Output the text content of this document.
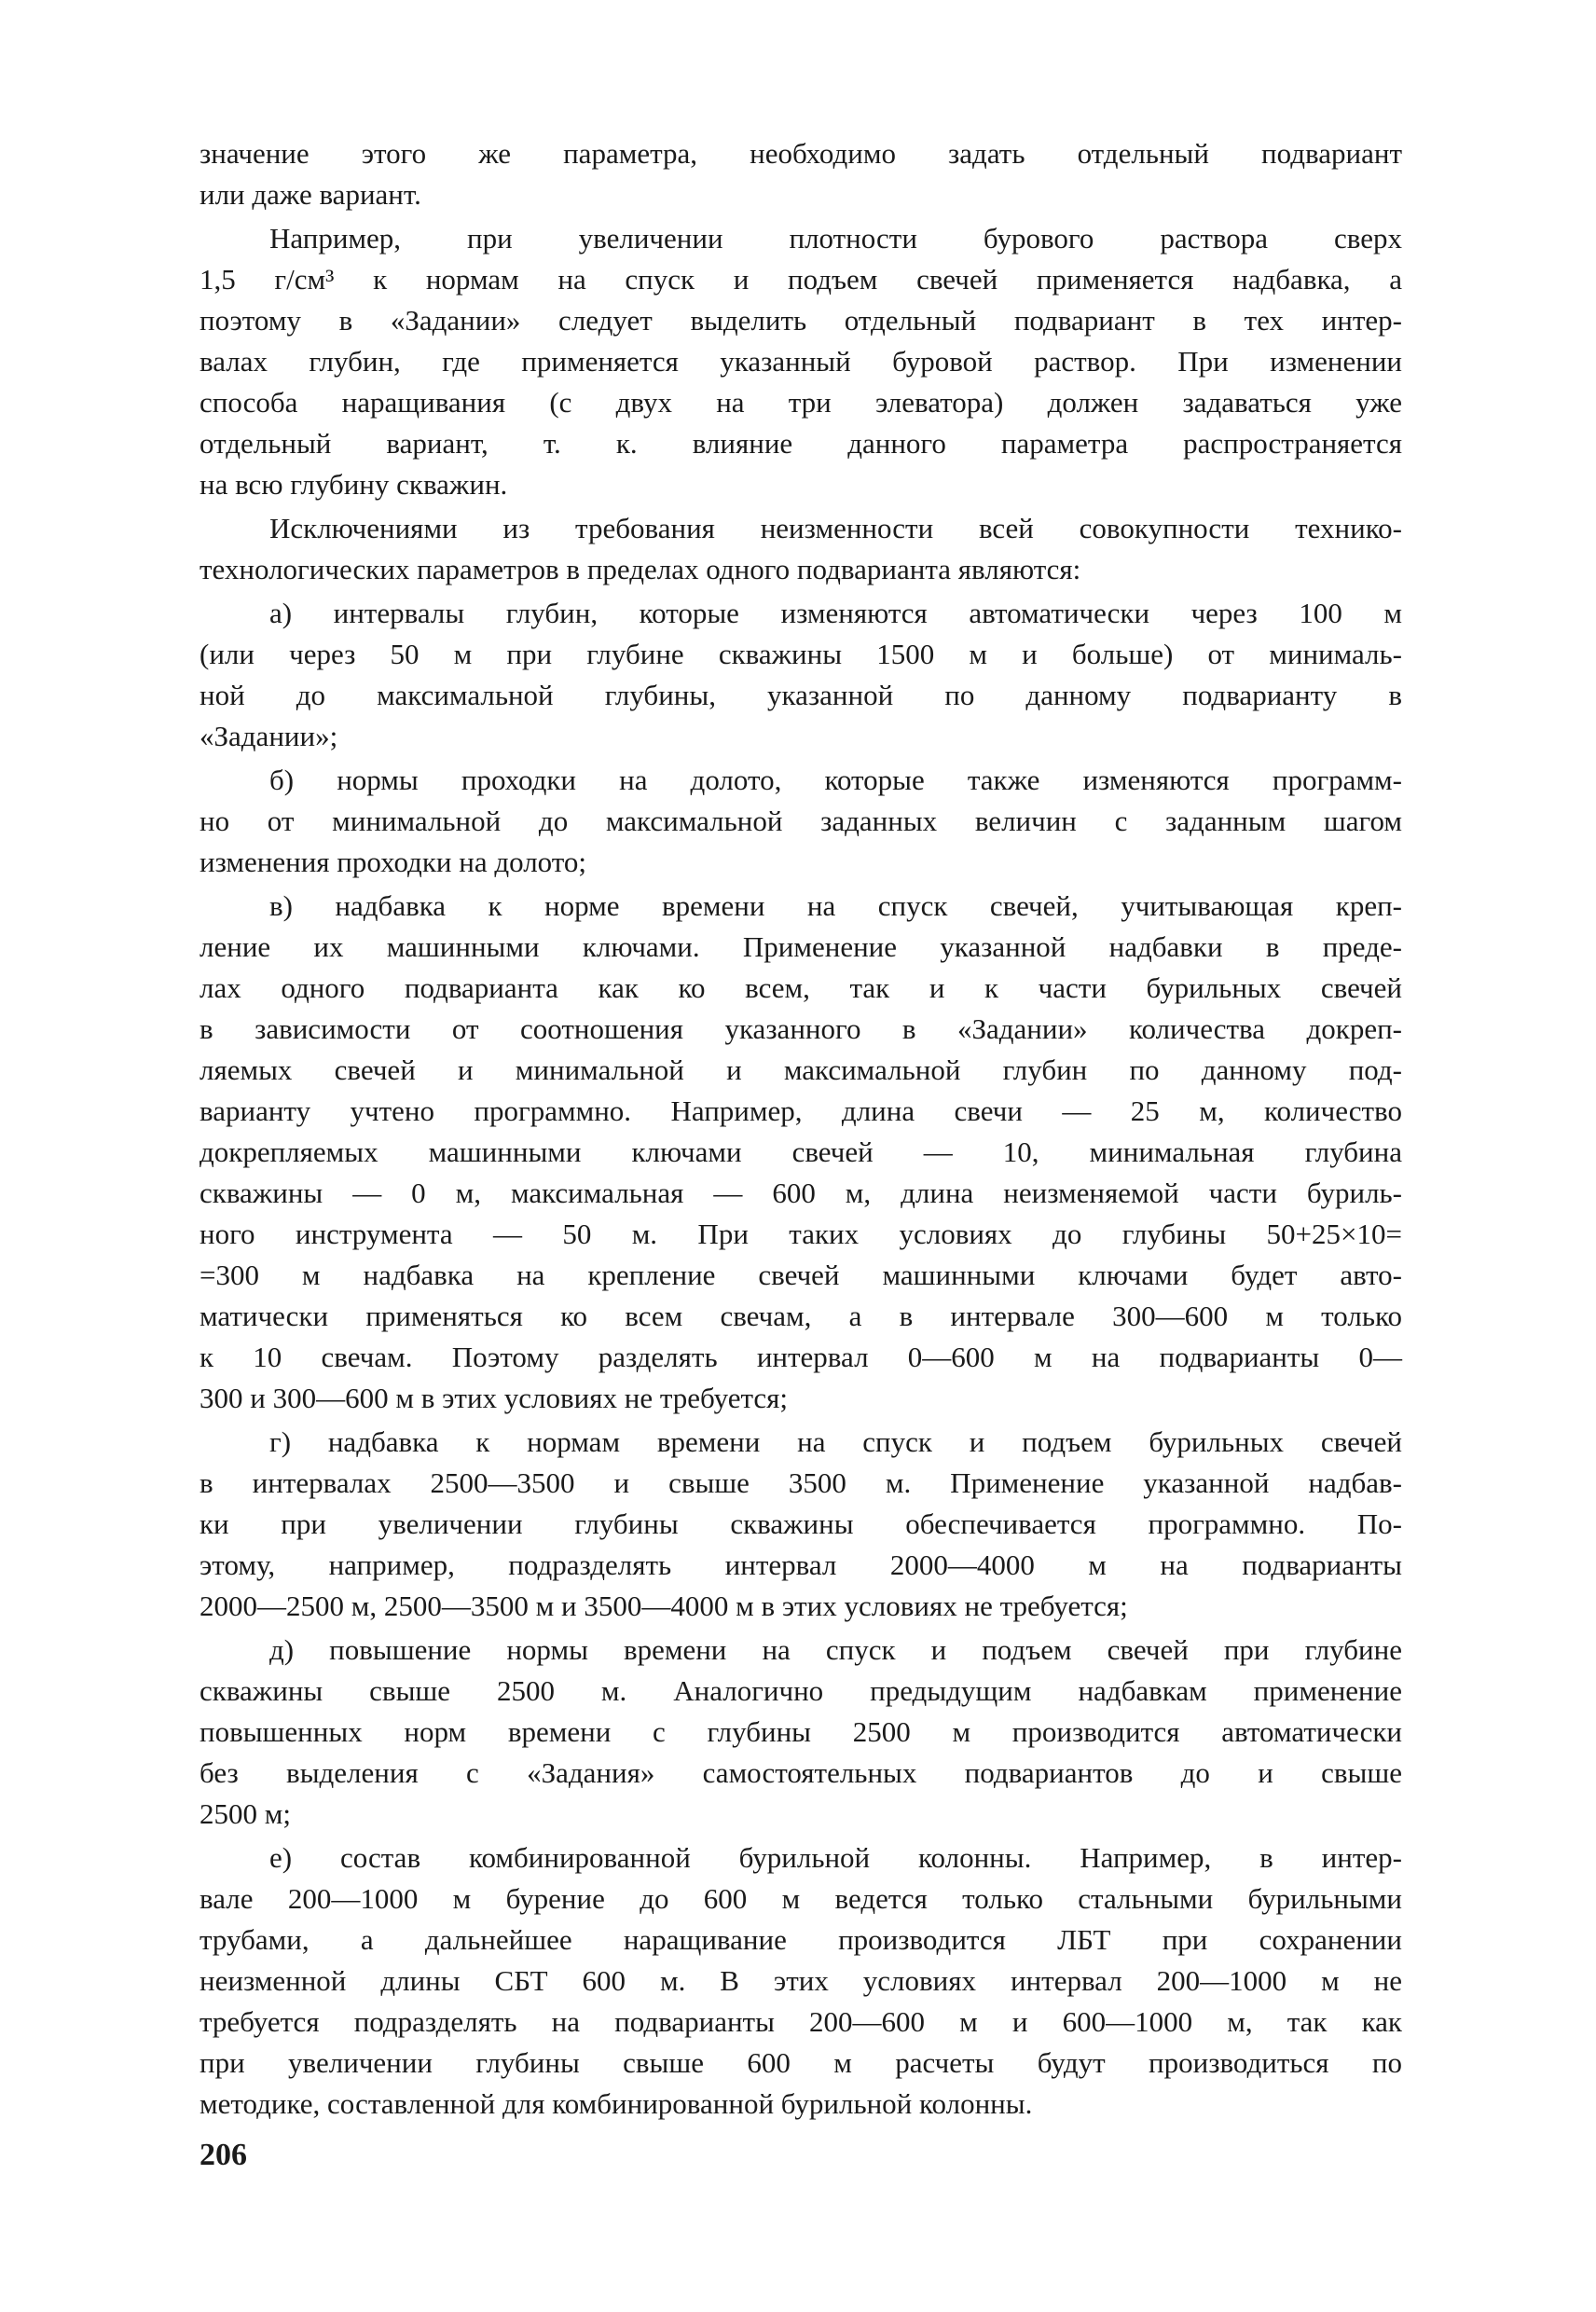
значение этого же параметра, необходимо задать отдельный подвариант
или даже вариант.
Например, при увеличении плотности бурового раствора сверх
1,5 г/см³ к нормам на спуск и подъем свечей применяется надбавка, а
поэтому в «Задании» следует выделить отдельный подвариант в тех интер-
валах глубин, где применяется указанный буровой раствор. При изменении
способа наращивания (с двух на три элеватора) должен задаваться уже
отдельный вариант, т. к. влияние данного параметра распространяется
на всю глубину скважин.
Исключениями из требования неизменности всей совокупности технико-
технологических параметров в пределах одного подварианта являются:
а) интервалы глубин, которые изменяются автоматически через 100 м
(или через 50 м при глубине скважины 1500 м и больше) от минималь-
ной до максимальной глубины, указанной по данному подварианту в
«Задании»;
б) нормы проходки на долото, которые также изменяются программ-
но от минимальной до максимальной заданных величин с заданным шагом
изменения проходки на долото;
в) надбавка к норме времени на спуск свечей, учитывающая креп-
ление их машинными ключами. Применение указанной надбавки в преде-
лах одного подварианта как ко всем, так и к части бурильных свечей
в зависимости от соотношения указанного в «Задании» количества докреп-
ляемых свечей и минимальной и максимальной глубин по данному под-
варианту учтено программно. Например, длина свечи — 25 м, количество
докрепляемых машинными ключами свечей — 10, минимальная глубина
скважины — 0 м, максимальная — 600 м, длина неизменяемой части буриль-
ного инструмента — 50 м. При таких условиях до глубины 50+25×10=
=300 м надбавка на крепление свечей машинными ключами будет авто-
матически применяться ко всем свечам, а в интервале 300—600 м только
к 10 свечам. Поэтому разделять интервал 0—600 м на подварианты 0—
300 и 300—600 м в этих условиях не требуется;
г) надбавка к нормам времени на спуск и подъем бурильных свечей
в интервалах 2500—3500 и свыше 3500 м. Применение указанной надбав-
ки при увеличении глубины скважины обеспечивается программно. По-
этому, например, подразделять интервал 2000—4000 м на подварианты
2000—2500 м, 2500—3500 м и 3500—4000 м в этих условиях не требуется;
д) повышение нормы времени на спуск и подъем свечей при глубине
скважины свыше 2500 м. Аналогично предыдущим надбавкам применение
повышенных норм времени с глубины 2500 м производится автоматически
без выделения с «Задания» самостоятельных подвариантов до и свыше
2500 м;
е) состав комбинированной бурильной колонны. Например, в интер-
вале 200—1000 м бурение до 600 м ведется только стальными бурильными
трубами, а дальнейшее наращивание производится ЛБТ при сохранении
неизменной длины СБТ 600 м. В этих условиях интервал 200—1000 м не
требуется подразделять на подварианты 200—600 м и 600—1000 м, так как
при увеличении глубины свыше 600 м расчеты будут производиться по
методике, составленной для комбинированной бурильной колонны.
206
